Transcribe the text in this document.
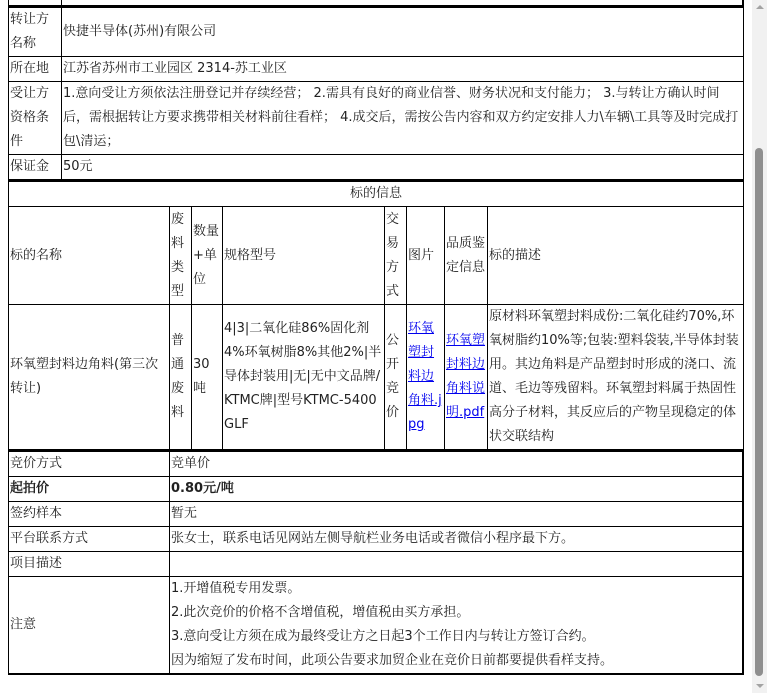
转让方名称	快捷半导体(苏州)有限公司
所在地	江苏省苏州市工业园区 2314-苏工业区
受让方资格条件	1.意向受让方须依法注册登记并存续经营； 2.需具有良好的商业信誉、财务状况和支付能力； 3.与转让方确认时间后，需根据转让方要求携带相关材料前往看样； 4.成交后，需按公告内容和双方约定安排人力\车辆\工具等及时完成打包\清运；
保证金	50元
标的信息							
标的名称	废料类型	数量+单位	规格型号	交易方式	图片	品质鉴定信息	标的描述
环氧塑封料边角料(第三次转让)	普通废料	30吨	4|3|二氧化硅86%固化剂4%环氧树脂8%其他2%|半导体封装用|无|无中文品牌/KTMC牌|型号KTMC-5400GLF	公开竞价	环氧塑封料边角料.jpg	环氧塑封料边角料说明.pdf	原材料环氧塑封料成份:二氧化硅约70%,环氧树脂约10%等;包装:塑料袋装,半导体封装用。其边角料是产品塑封时形成的浇口、流道、毛边等残留料。环氧塑封料属于热固性高分子材料，其反应后的产物呈现稳定的体状交联结构
竞价方式	竞单价
起拍价	0.80元/吨
签约样本	暂无
平台联系方式	张女士，联系电话见网站左侧导航栏业务电话或者微信小程序最下方。
项目描述	
注意	1.开增值税专用发票。
2.此次竞价的价格不含增值税，增值税由买方承担。
3.意向受让方须在成为最终受让方之日起3个工作日内与转让方签订合约。
因为缩短了发布时间，此项公告要求加贸企业在竞价日前都要提供看样支持。
